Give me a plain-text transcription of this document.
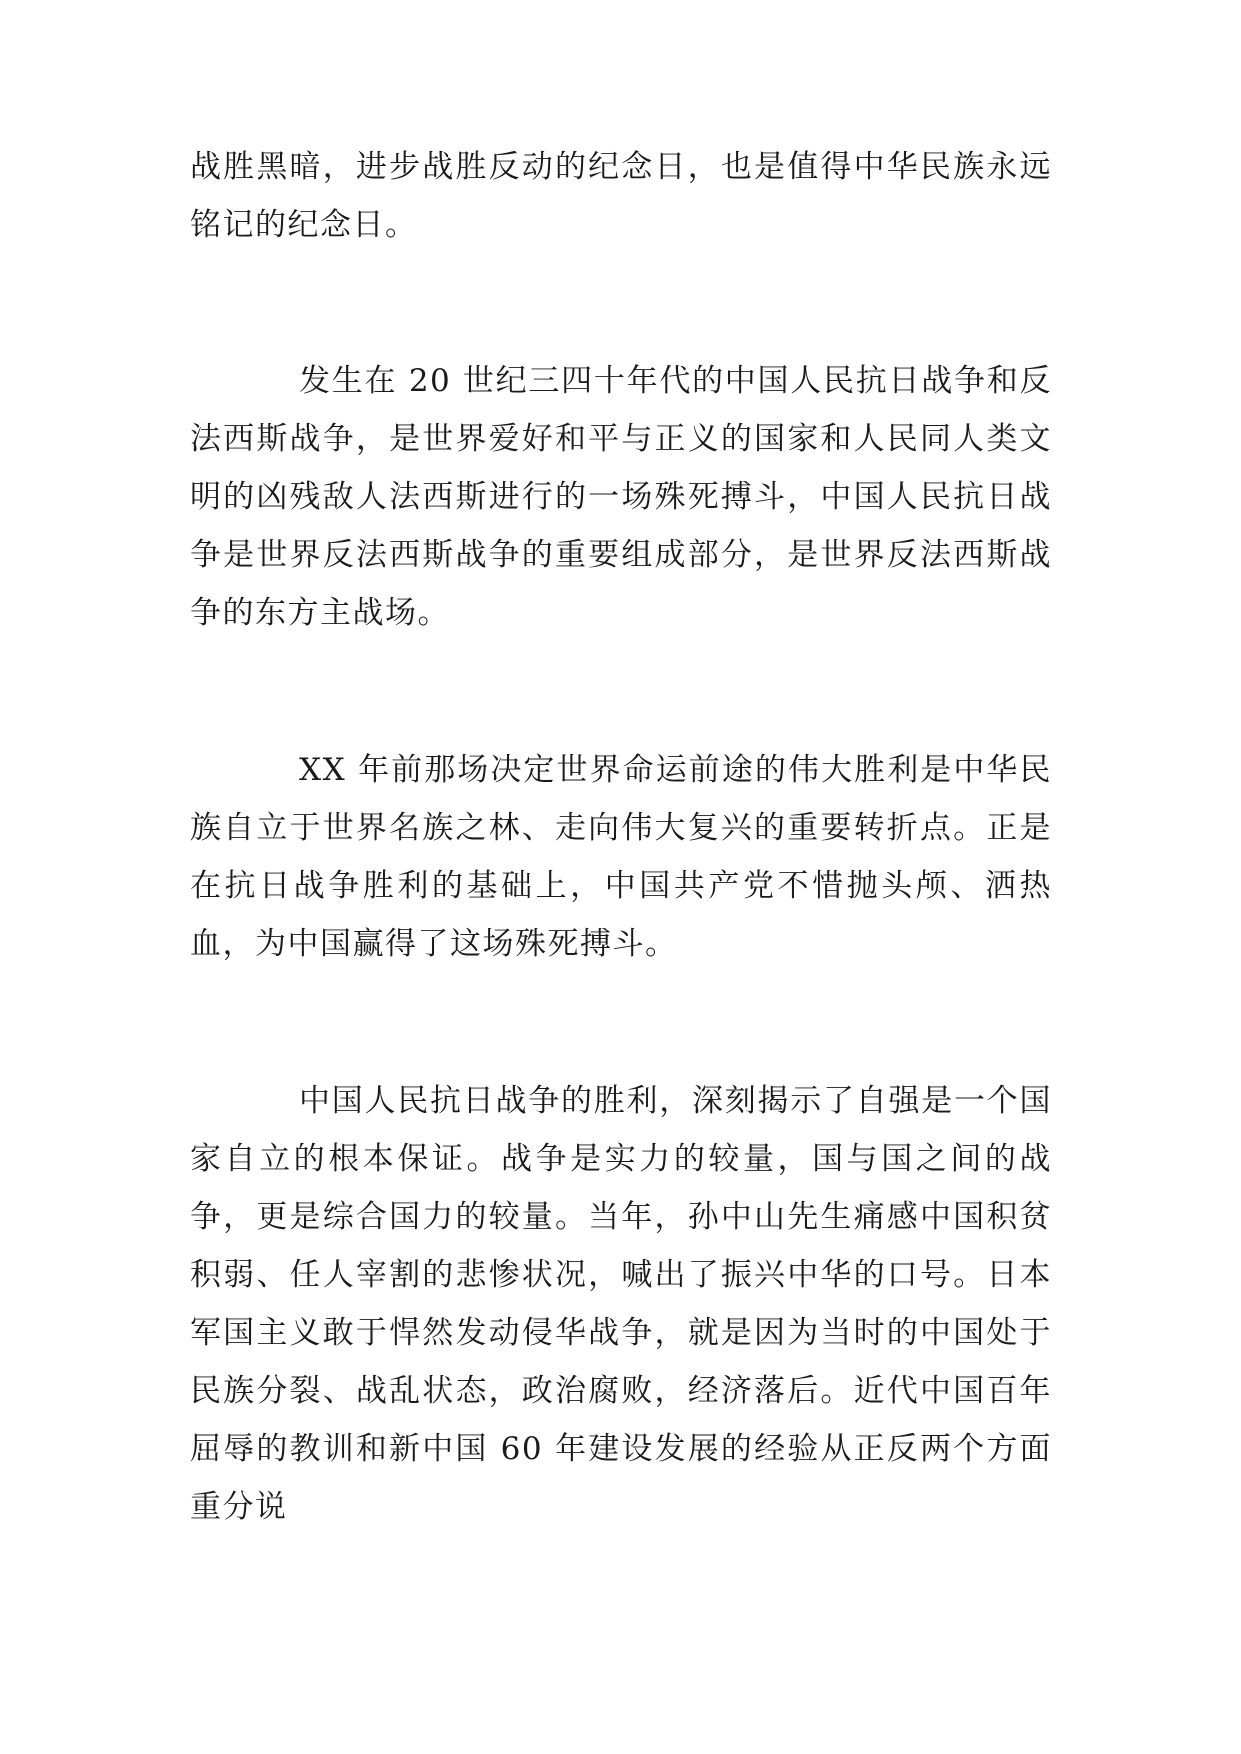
战胜黑暗，进步战胜反动的纪念日，也是值得中华民族永远铭记的纪念日。

发生在 20 世纪三四十年代的中国人民抗日战争和反法西斯战争，是世界爱好和平与正义的国家和人民同人类文明的凶残敌人法西斯进行的一场殊死搏斗，中国人民抗日战争是世界反法西斯战争的重要组成部分，是世界反法西斯战争的东方主战场。

XX 年前那场决定世界命运前途的伟大胜利是中华民族自立于世界名族之林、走向伟大复兴的重要转折点。正是在抗日战争胜利的基础上，中国共产党不惜抛头颅、洒热血，为中国赢得了这场殊死搏斗。

中国人民抗日战争的胜利，深刻揭示了自强是一个国家自立的根本保证。战争是实力的较量，国与国之间的战争，更是综合国力的较量。当年，孙中山先生痛感中国积贫积弱、任人宰割的悲惨状况，喊出了振兴中华的口号。日本军国主义敢于悍然发动侵华战争，就是因为当时的中国处于民族分裂、战乱状态，政治腐败，经济落后。近代中国百年屈辱的教训和新中国 60 年建设发展的经验从正反两个方面重分说
